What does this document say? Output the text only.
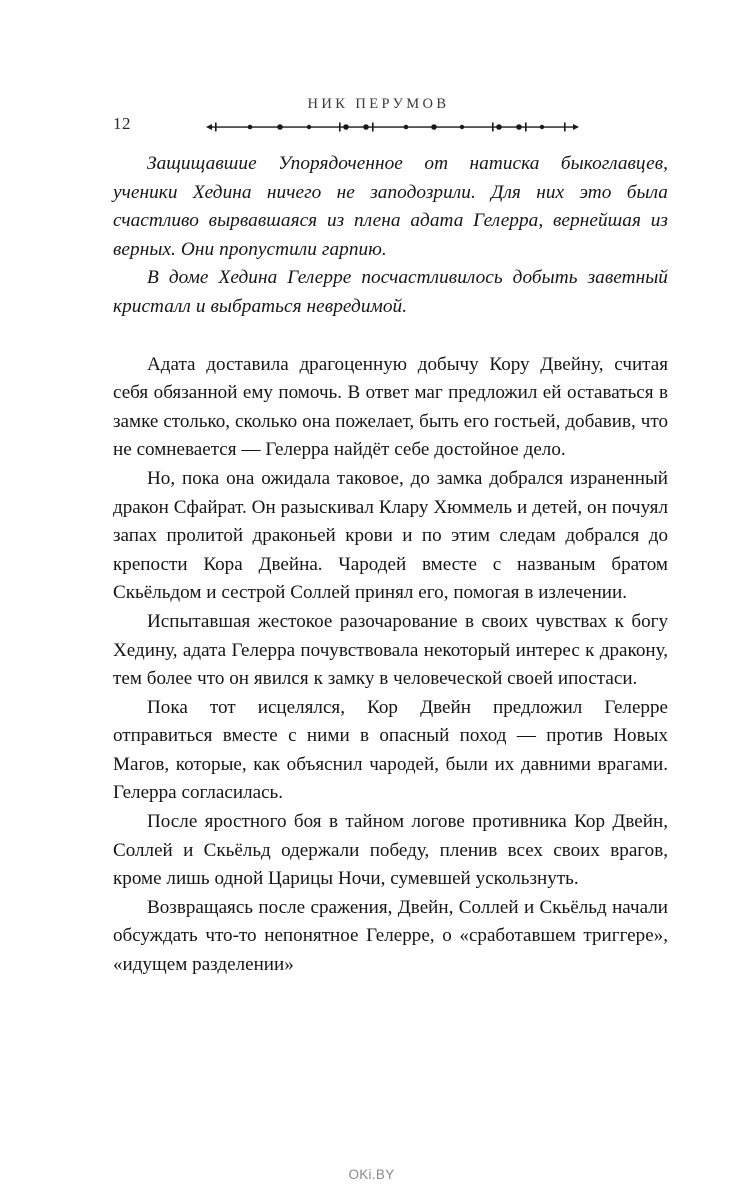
12
НИК ПЕРУМОВ

Защищавшие Упорядоченное от натиска быкоглавцев, ученики Хедина ничего не заподозрили. Для них это была счастливо вырвавшаяся из плена адата Гелерра, вернейшая из верных. Они пропустили гарпию.

В доме Хедина Гелерре посчастливилось добыть заветный кристалл и выбраться невредимой.

Адата доставила драгоценную добычу Кору Двейну, считая себя обязанной ему помочь. В ответ маг предложил ей оставаться в замке столько, сколько она пожелает, быть его гостьей, добавив, что не сомневается — Гелерра найдёт себе достойное дело.

Но, пока она ожидала таковое, до замка добрался израненный дракон Сфайрат. Он разыскивал Клару Хюммель и детей, он почуял запах пролитой драконьей крови и по этим следам добрался до крепости Кора Двейна. Чародей вместе с названым братом Скьёльдом и сестрой Соллей принял его, помогая в излечении.

Испытавшая жестокое разочарование в своих чувствах к богу Хедину, адата Гелерра почувствовала некоторый интерес к дракону, тем более что он явился к замку в человеческой своей ипостаси.

Пока тот исцелялся, Кор Двейн предложил Гелерре отправиться вместе с ними в опасный поход — против Новых Магов, которые, как объяснил чародей, были их давними врагами. Гелерра согласилась.

После яростного боя в тайном логове противника Кор Двейн, Соллей и Скьёльд одержали победу, пленив всех своих врагов, кроме лишь одной Царицы Ночи, сумевшей ускользнуть.

Возвращаясь после сражения, Двейн, Соллей и Скьёльд начали обсуждать что-то непонятное Гелерре, о «сработавшем триггере», «идущем разделении»

OKi.BY
